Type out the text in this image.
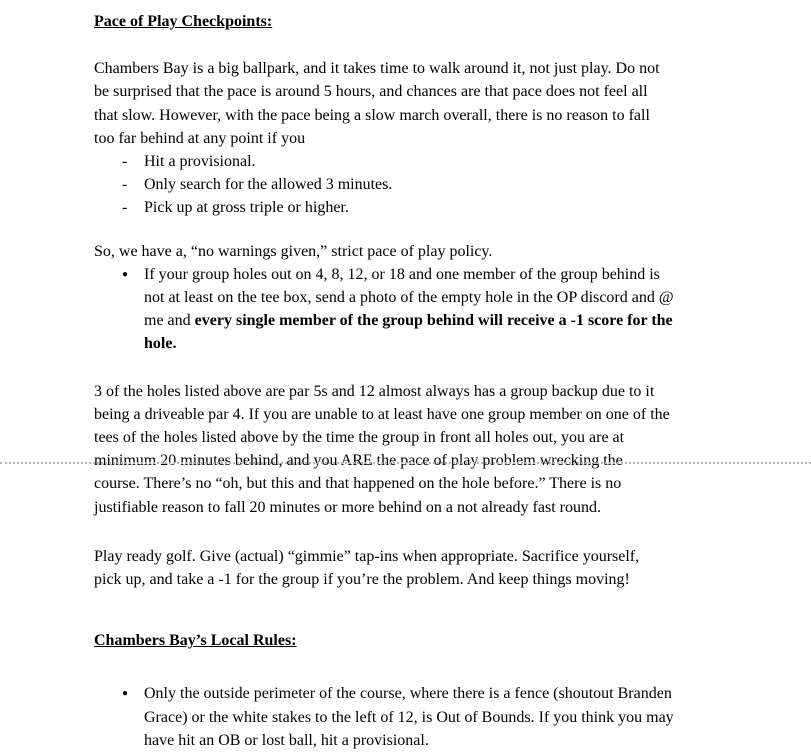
Pace of Play Checkpoints:
Chambers Bay is a big ballpark, and it takes time to walk around it, not just play. Do not
be surprised that the pace is around 5 hours, and chances are that pace does not feel all
that slow. However, with the pace being a slow march overall, there is no reason to fall
too far behind at any point if you
-	Hit a provisional.
-	Only search for the allowed 3 minutes.
-	Pick up at gross triple or higher.
So, we have a, “no warnings given,” strict pace of play policy.
● If your group holes out on 4, 8, 12, or 18 and one member of the group behind is
not at least on the tee box, send a photo of the empty hole in the OP discord and @
me and every single member of the group behind will receive a -1 score for the
hole.
3 of the holes listed above are par 5s and 12 almost always has a group backup due to it
being a driveable par 4. If you are unable to at least have one group member on one of the
tees of the holes listed above by the time the group in front all holes out, you are at
minimum 20 minutes behind, and you ARE the pace of play problem wrecking the
course. There’s no “oh, but this and that happened on the hole before.” There is no
justifiable reason to fall 20 minutes or more behind on a not already fast round.
Play ready golf. Give (actual) “gimmie” tap-ins when appropriate. Sacrifice yourself,
pick up, and take a -1 for the group if you’re the problem. And keep things moving!
Chambers Bay’s Local Rules:
● Only the outside perimeter of the course, where there is a fence (shoutout Branden
Grace) or the white stakes to the left of 12, is Out of Bounds. If you think you may
have hit an OB or lost ball, hit a provisional.
